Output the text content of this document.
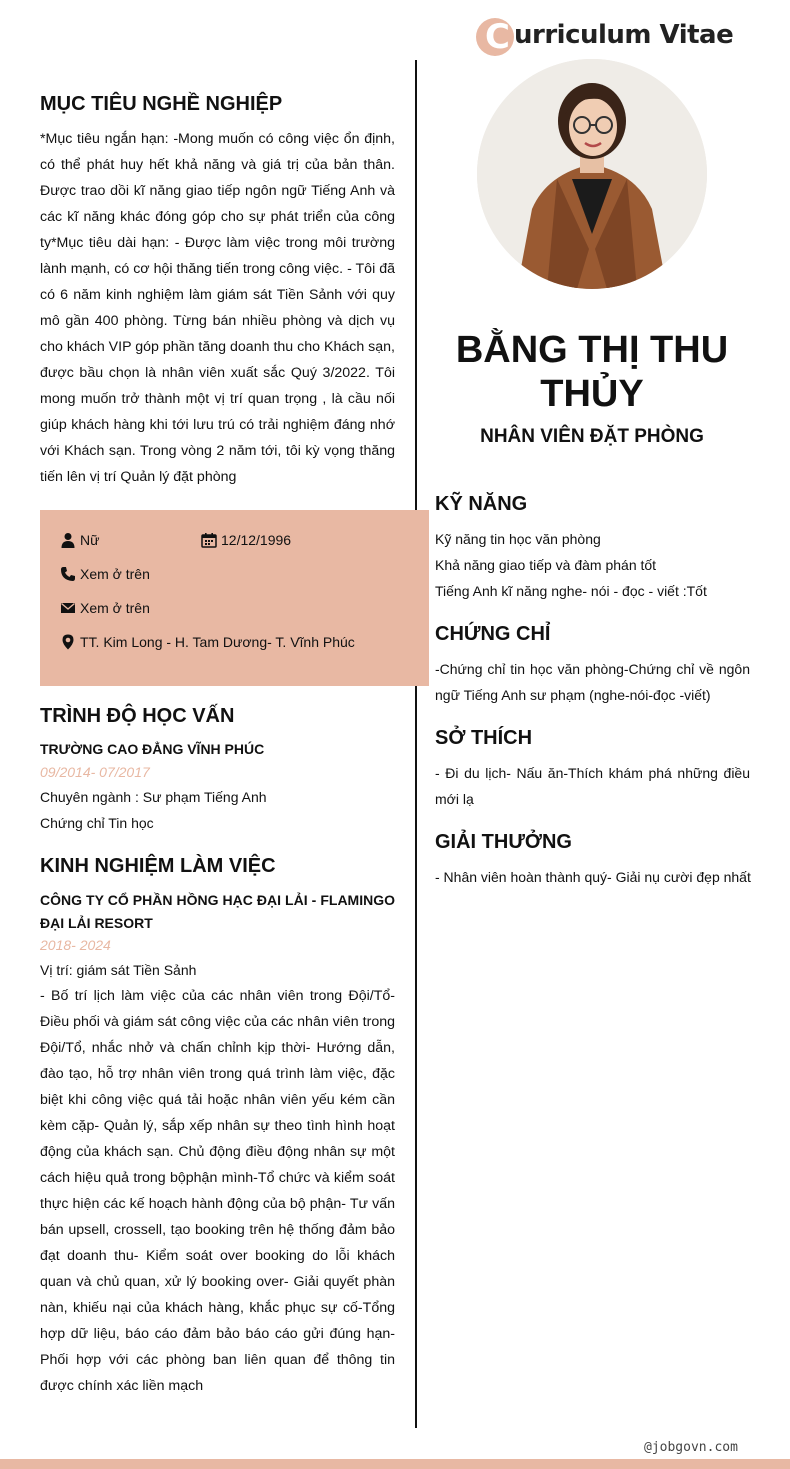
C urriculum Vitae
MỤC TIÊU NGHỀ NGHIỆP

*Mục tiêu ngắn hạn: -Mong muốn có công việc ổn định, có thể phát huy hết khả năng và giá trị của bản thân. Được trao dồi kĩ năng giao tiếp ngôn ngữ Tiếng Anh và các kĩ năng khác đóng góp cho sự phát triển của công ty*Mục tiêu dài hạn: - Được làm việc trong môi trường lành mạnh, có cơ hội thăng tiến trong công việc. - Tôi đã có 6 năm kinh nghiệm làm giám sát Tiền Sảnh với quy mô gần 400 phòng. Từng bán nhiều phòng và dịch vụ cho khách VIP góp phần tăng doanh thu cho Khách sạn, được bầu chọn là nhân viên xuất sắc Quý 3/2022. Tôi mong muốn trở thành một vị trí quan trọng , là cầu nối giúp khách hàng khi tới lưu trú có trải nghiệm đáng nhớ với Khách sạn. Trong vòng 2 năm tới, tôi kỳ vọng thăng tiến lên vị trí Quản lý đặt phòng

BẰNG THỊ THU THỦY
NHÂN VIÊN ĐẶT PHÒNG
Nữ	12/12/1996
Xem ở trên
Xem ở trên
TT. Kim Long - H. Tam Dương- T. Vĩnh Phúc
TRÌNH ĐỘ HỌC VẤN
TRƯỜNG CAO ĐẲNG VĨNH PHÚC
09/2014- 07/2017
Chuyên ngành : Sư phạm Tiếng Anh
Chứng chỉ Tin học
KINH NGHIỆM LÀM VIỆC
CÔNG TY CỔ PHẦN HỒNG HẠC ĐẠI LẢI - FLAMINGO ĐẠI LẢI RESORT
2018- 2024
Vị trí: giám sát Tiền Sảnh

- Bố trí lịch làm việc của các nhân viên trong Đội/Tổ- Điều phối và giám sát công việc của các nhân viên trong Đội/Tổ, nhắc nhở và chấn chỉnh kịp thời- Hướng dẫn, đào tạo, hỗ trợ nhân viên trong quá trình làm việc, đặc biệt khi công việc quá tải hoặc nhân viên yếu kém cần kèm cặp- Quản lý, sắp xếp nhân sự theo tình hình hoạt động của khách sạn. Chủ động điều động nhân sự một cách hiệu quả trong bộphận mình-Tổ chức và kiểm soát thực hiện các kế hoạch hành động của bộ phận- Tư vấn bán upsell, crossell, tạo booking trên hệ thống đảm bảo đạt doanh thu- Kiểm soát over booking do lỗi khách quan và chủ quan, xử lý booking over- Giải quyết phàn nàn, khiếu nại của khách hàng, khắc phục sự cố-Tổng hợp dữ liệu, báo cáo đảm bảo báo cáo gửi đúng hạn- Phối hợp với các phòng ban liên quan để thông tin được chính xác liền mạch

KỸ NĂNG
Kỹ năng tin học văn phòng
Khả năng giao tiếp và đàm phán tốt
Tiếng Anh kĩ năng nghe- nói - đọc - viết :Tốt
CHỨNG CHỈ

-Chứng chỉ tin học văn phòng-Chứng chỉ về ngôn ngữ Tiếng Anh sư phạm (nghe-nói-đọc -viết)

SỞ THÍCH

- Đi du lịch- Nấu ăn-Thích khám phá những điều mới lạ

GIẢI THƯỞNG
- Nhân viên hoàn thành quý- Giải nụ cười đẹp nhất
@jobgovn.com
